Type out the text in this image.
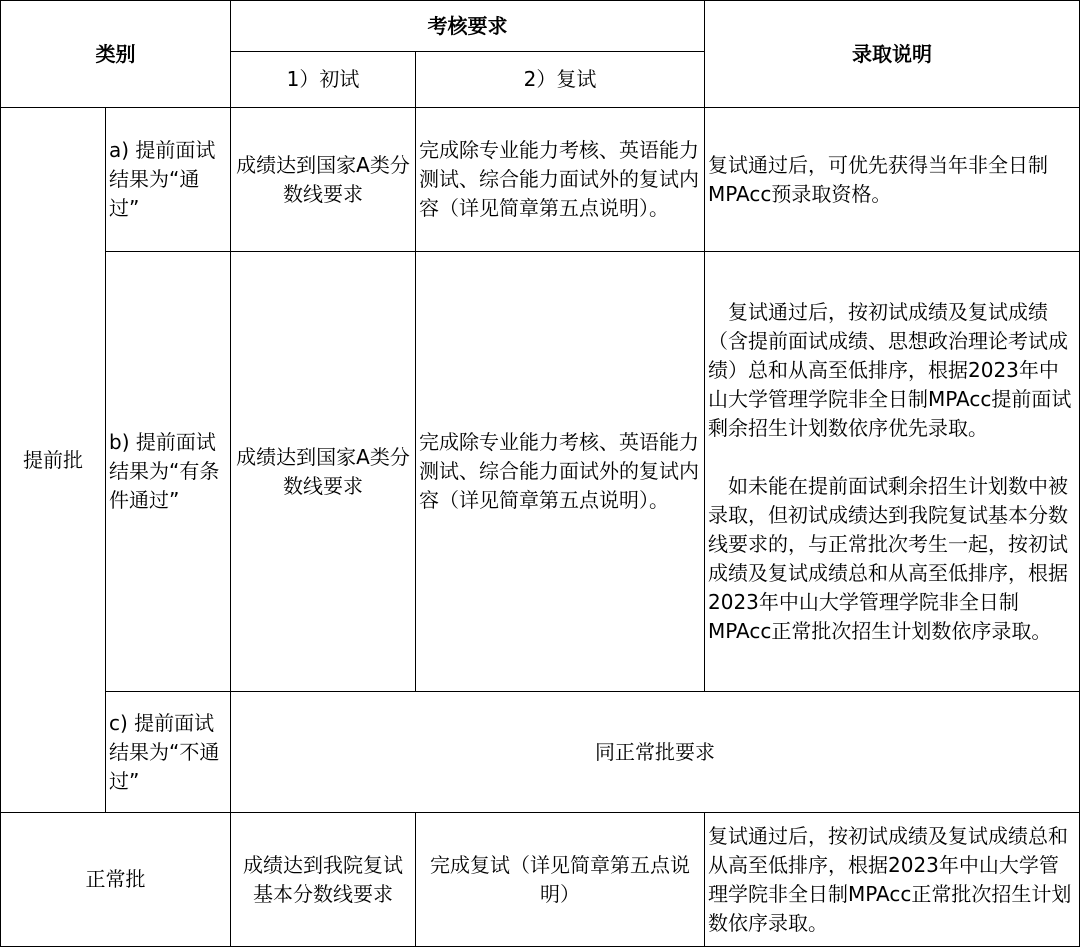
类别		考核要求		录取说明
		1）初试	2）复试	
提前批	a) 提前面试结果为“通过”	成绩达到国家A类分数线要求	完成除专业能力考核、英语能力测试、综合能力面试外的复试内容（详见简章第五点说明）。	复试通过后，可优先获得当年非全日制MPAcc预录取资格。
	b) 提前面试结果为“有条件通过”	成绩达到国家A类分数线要求	完成除专业能力考核、英语能力测试、综合能力面试外的复试内容（详见简章第五点说明）。	复试通过后，按初试成绩及复试成绩（含提前面试成绩、思想政治理论考试成绩）总和从高至低排序，根据2023年中山大学管理学院非全日制MPAcc提前面试剩余招生计划数依序优先录取。
如未能在提前面试剩余招生计划数中被录取，但初试成绩达到我院复试基本分数线要求的，与正常批次考生一起，按初试成绩及复试成绩总和从高至低排序，根据2023年中山大学管理学院非全日制MPAcc正常批次招生计划数依序录取。

	c) 提前面试结果为“不通过”	同正常批要求		
正常批		成绩达到我院复试基本分数线要求	完成复试（详见简章第五点说明）	复试通过后，按初试成绩及复试成绩总和从高至低排序，根据2023年中山大学管理学院非全日制MPAcc正常批次招生计划数依序录取。
